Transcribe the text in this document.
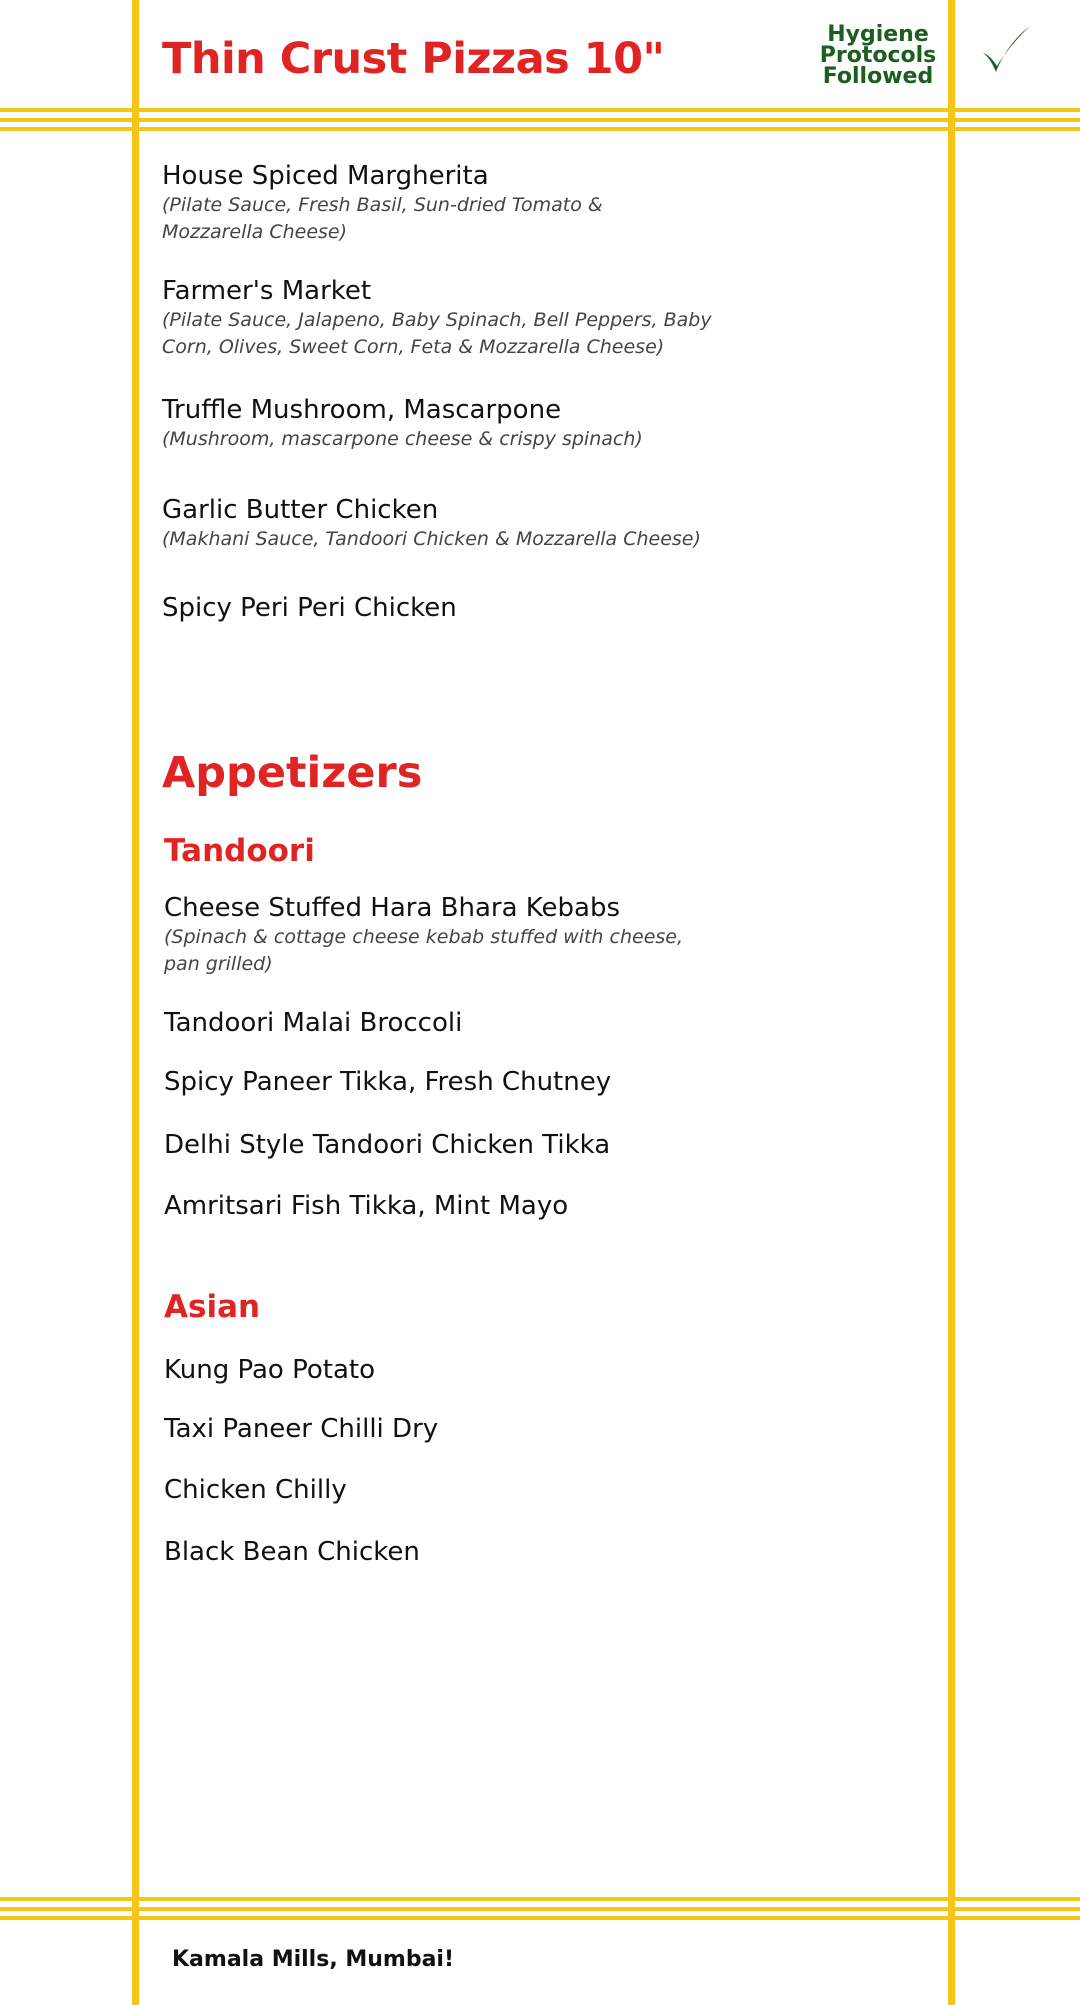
Thin Crust Pizzas 10"	Hygiene
Protocols
Followed
House Spiced Margherita
(Pilate Sauce, Fresh Basil, Sun-dried Tomato & Mozzarella Cheese)
Farmer's Market
(Pilate Sauce, Jalapeno, Baby Spinach, Bell Peppers, Baby Corn, Olives, Sweet Corn, Feta & Mozzarella Cheese)
Truffle Mushroom, Mascarpone
(Mushroom, mascarpone cheese & crispy spinach)
Garlic Butter Chicken
(Makhani Sauce, Tandoori Chicken & Mozzarella Cheese)
Spicy Peri Peri Chicken
Appetizers
Tandoori
Cheese Stuffed Hara Bhara Kebabs
(Spinach & cottage cheese kebab stuffed with cheese, pan grilled)
Tandoori Malai Broccoli
Spicy Paneer Tikka, Fresh Chutney
Delhi Style Tandoori Chicken Tikka
Amritsari Fish Tikka, Mint Mayo
Asian
Kung Pao Potato
Taxi Paneer Chilli Dry
Chicken Chilly
Black Bean Chicken
Kamala Mills, Mumbai!
